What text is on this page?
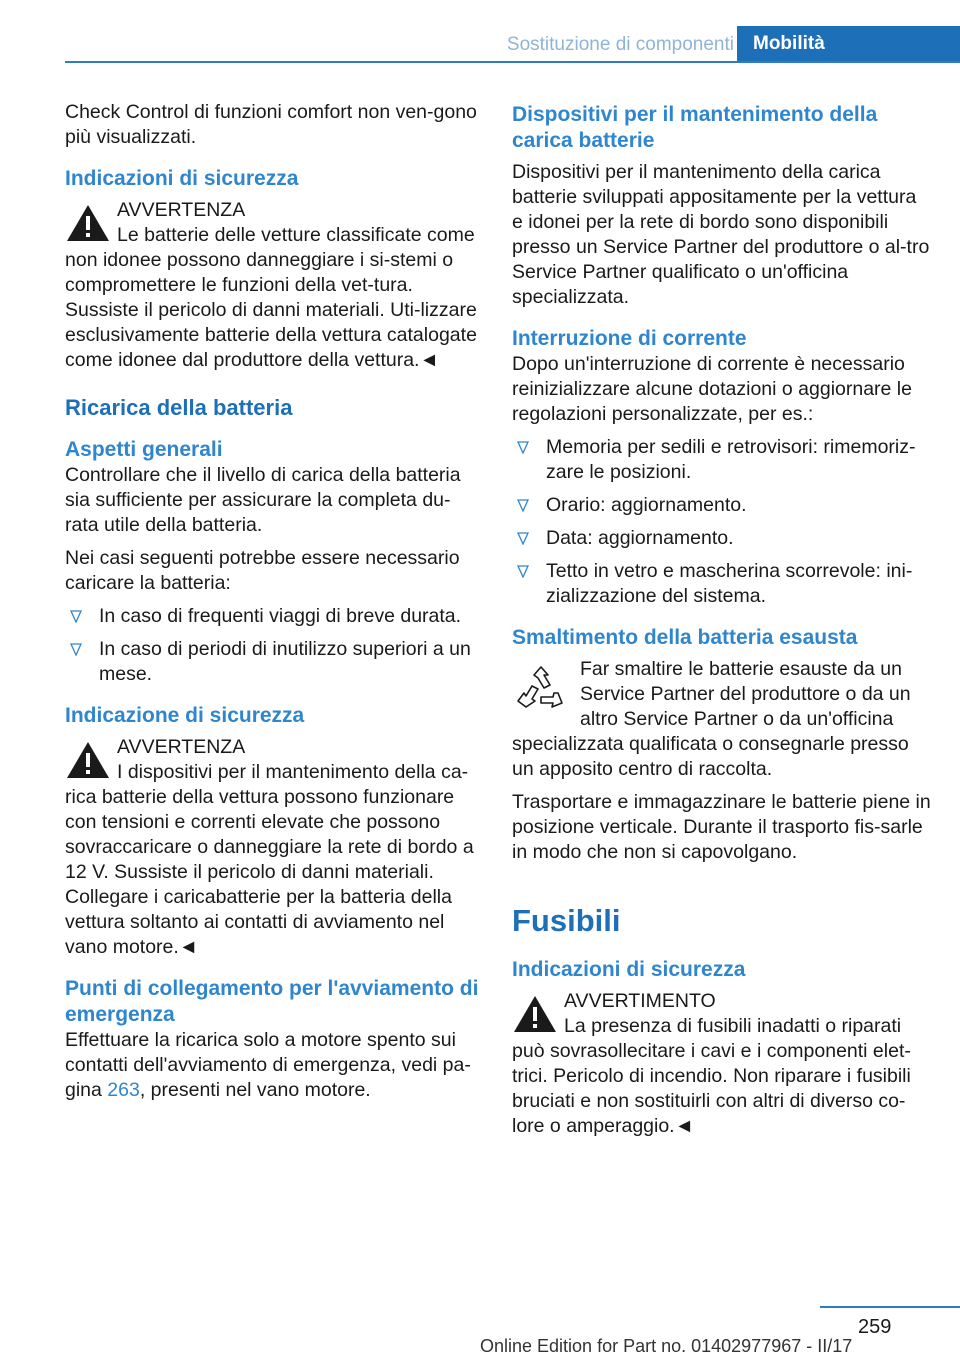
Sostituzione di componenti	Mobilità

Check Control di funzioni comfort non ven-gono più visualizzati.

Indicazioni di sicurezza
AVVERTENZA

Le batterie delle vetture classificate come non idonee possono danneggiare i si-stemi o compromettere le funzioni della vet-tura. Sussiste il pericolo di danni materiali. Uti-lizzare esclusivamente batterie della vettura catalogate come idonee dal produttore della vettura.◄

Ricarica della batteria
Aspetti generali

Controllare che il livello di carica della batteria sia sufficiente per assicurare la completa du-rata utile della batteria.

Nei casi seguenti potrebbe essere necessario caricare la batteria:

In caso di frequenti viaggi di breve durata.
In caso di periodi di inutilizzo superiori a un mese.
Indicazione di sicurezza
AVVERTENZA

I dispositivi per il mantenimento della ca-rica batterie della vettura possono funzionare con tensioni e correnti elevate che possono sovraccaricare o danneggiare la rete di bordo a 12 V. Sussiste il pericolo di danni materiali. Collegare i caricabatterie per la batteria della vettura soltanto ai contatti di avviamento nel vano motore.◄

Punti di collegamento per l'avviamento di emergenza

Effettuare la ricarica solo a motore spento sui contatti dell'avviamento di emergenza, vedi pa-gina 263, presenti nel vano motore.

Dispositivi per il mantenimento della carica batterie

Dispositivi per il mantenimento della carica batterie sviluppati appositamente per la vettura e idonei per la rete di bordo sono disponibili presso un Service Partner del produttore o al-tro Service Partner qualificato o un'officina specializzata.

Interruzione di corrente

Dopo un'interruzione di corrente è necessario reinizializzare alcune dotazioni o aggiornare le regolazioni personalizzate, per es.:

Memoria per sedili e retrovisori: rimemoriz-zare le posizioni.
Orario: aggiornamento.
Data: aggiornamento.
Tetto in vetro e mascherina scorrevole: ini-zializzazione del sistema.
Smaltimento della batteria esausta

Far smaltire le batterie esauste da un Service Partner del produttore o da un altro Service Partner o da un'officina specializzata qualificata o consegnarle presso un apposito centro di raccolta.

Trasportare e immagazzinare le batterie piene in posizione verticale. Durante il trasporto fis-sarle in modo che non si capovolgano.

Fusibili
Indicazioni di sicurezza
AVVERTIMENTO

La presenza di fusibili inadatti o riparati può sovrasollecitare i cavi e i componenti elet-trici. Pericolo di incendio. Non riparare i fusibili bruciati e non sostituirli con altri di diverso co-lore o amperaggio.◄

259
Online Edition for Part no. 01402977967 - II/17
